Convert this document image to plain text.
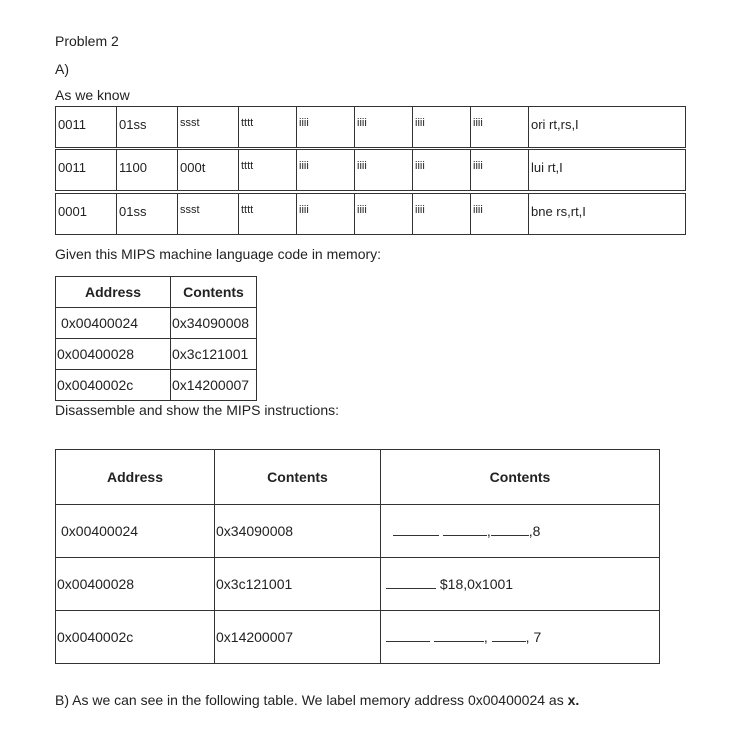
Problem 2
A)
As we know
0011	01ss	ssst	tttt	iiii	iiii	iiii	iiii	ori rt,rs,I
0011	1100	000t	tttt	iiii	iiii	iiii	iiii	lui rt,I
0001	01ss	ssst	tttt	iiii	iiii	iiii	iiii	bne rs,rt,I
Given this MIPS machine language code in memory:
Address	Contents
0x00400024	0x34090008
0x00400028	0x3c121001
0x0040002c	0x14200007
Disassemble and show the MIPS instructions:
Address	Contents	Contents
0x00400024	0x34090008	, ,8
0x00400028	0x3c121001	$18,0x1001
0x0040002c	0x14200007	, , 7
B) As we can see in the following table. We label memory address 0x00400024 as x.
